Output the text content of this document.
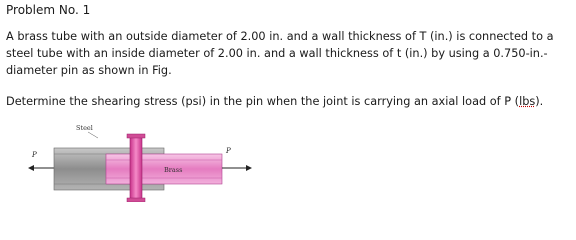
Problem No. 1
A brass tube with an outside diameter of 2.00 in. and a wall thickness of T (in.) is connected to a steel tube with an inside diameter of 2.00 in. and a wall thickness of t (in.) by using a 0.750-in.-diameter pin as shown in Fig.
Determine the shearing stress (psi) in the pin when the joint is carrying an axial load of P (lbs).
Steel
P
Brass
P
